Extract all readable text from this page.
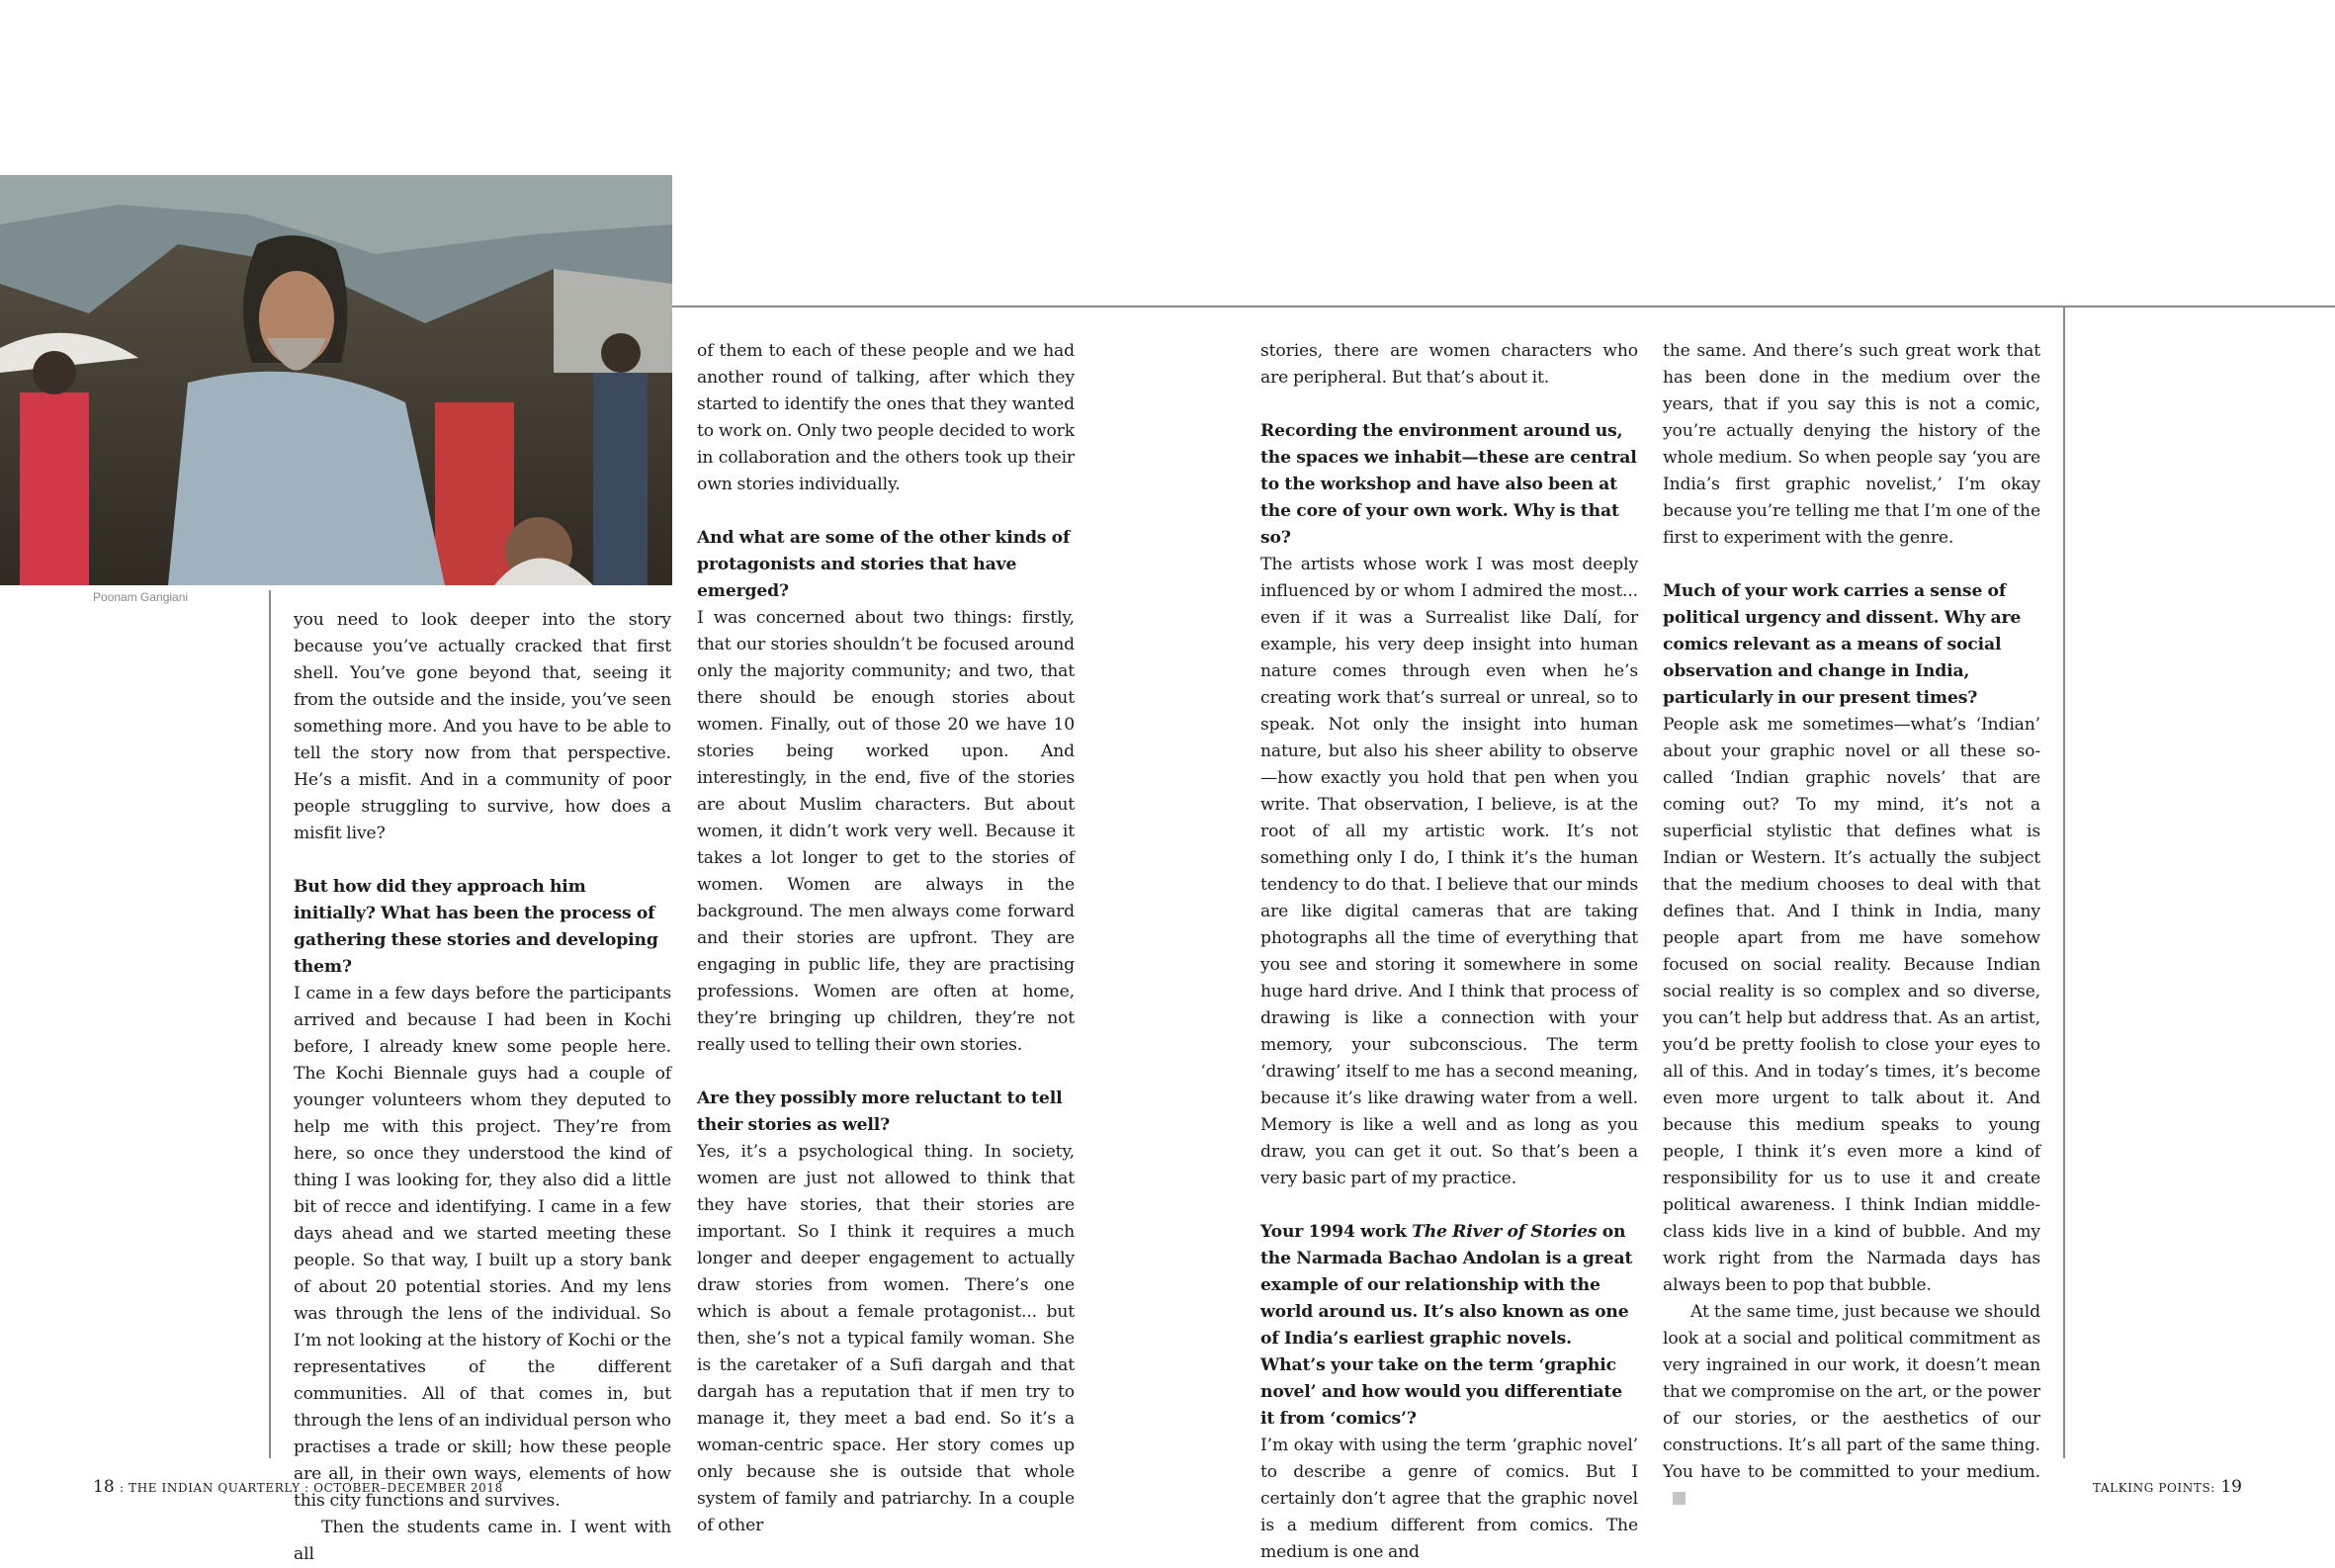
Poonam Gangiani

you need to look deeper into the story because you’ve actually cracked that first shell. You’ve gone beyond that, seeing it from the outside and the inside, you’ve seen something more. And you have to be able to tell the story now from that perspective. He’s a misfit. And in a community of poor people struggling to survive, how does a misfit live?

But how did they approach him initially? What has been the process of gathering these stories and developing them?

I came in a few days before the participants arrived and because I had been in Kochi before, I already knew some people here. The Kochi Biennale guys had a couple of younger volunteers whom they deputed to help me with this project. They’re from here, so once they understood the kind of thing I was looking for, they also did a little bit of recce and identifying. I came in a few days ahead and we started meeting these people. So that way, I built up a story bank of about 20 potential stories. And my lens was through the lens of the individual. So I’m not looking at the history of Kochi or the representatives of the different communities. All of that comes in, but through the lens of an individual person who practises a trade or skill; how these people are all, in their own ways, elements of how this city functions and survives.

Then the students came in. I went with all

of them to each of these people and we had another round of talking, after which they started to identify the ones that they wanted to work on. Only two people decided to work in collaboration and the others took up their own stories individually.

And what are some of the other kinds of protagonists and stories that have emerged?

I was concerned about two things: firstly, that our stories shouldn’t be focused around only the majority community; and two, that there should be enough stories about women. Finally, out of those 20 we have 10 stories being worked upon. And interestingly, in the end, five of the stories are about Muslim characters. But about women, it didn’t work very well. Because it takes a lot longer to get to the stories of women. Women are always in the background. The men always come forward and their stories are upfront. They are engaging in public life, they are practising professions. Women are often at home, they’re bringing up children, they’re not really used to telling their own stories.

Are they possibly more reluctant to tell their stories as well?

Yes, it’s a psychological thing. In society, women are just not allowed to think that they have stories, that their stories are important. So I think it requires a much longer and deeper engagement to actually draw stories from women. There’s one which is about a female protagonist... but then, she’s not a typical family woman. She is the caretaker of a Sufi dargah and that dargah has a reputation that if men try to manage it, they meet a bad end. So it’s a woman-centric space. Her story comes up only because she is outside that whole system of family and patriarchy. In a couple of other

stories, there are women characters who are peripheral. But that’s about it.

Recording the environment around us, the spaces we inhabit—these are central to the workshop and have also been at the core of your own work. Why is that so?

The artists whose work I was most deeply influenced by or whom I admired the most... even if it was a Surrealist like Dalí, for example, his very deep insight into human nature comes through even when he’s creating work that’s surreal or unreal, so to speak. Not only the insight into human nature, but also his sheer ability to observe—how exactly you hold that pen when you write. That observation, I believe, is at the root of all my artistic work. It’s not something only I do, I think it’s the human tendency to do that. I believe that our minds are like digital cameras that are taking photographs all the time of everything that you see and storing it somewhere in some huge hard drive. And I think that process of drawing is like a connection with your memory, your subconscious. The term ‘drawing’ itself to me has a second meaning, because it’s like drawing water from a well. Memory is like a well and as long as you draw, you can get it out. So that’s been a very basic part of my practice.

Your 1994 work The River of Stories on the Narmada Bachao Andolan is a great example of our relationship with the world around us. It’s also known as one of India’s earliest graphic novels. What’s your take on the term ‘graphic novel’ and how would you differentiate it from ‘comics’?

I’m okay with using the term ‘graphic novel’ to describe a genre of comics. But I certainly don’t agree that the graphic novel is a medium different from comics. The medium is one and

the same. And there’s such great work that has been done in the medium over the years, that if you say this is not a comic, you’re actually denying the history of the whole medium. So when people say ‘you are India’s first graphic novelist,’ I’m okay because you’re telling me that I’m one of the first to experiment with the genre.

Much of your work carries a sense of political urgency and dissent. Why are comics relevant as a means of social observation and change in India, particularly in our present times?

People ask me sometimes—what’s ‘Indian’ about your graphic novel or all these so-called ‘Indian graphic novels’ that are coming out? To my mind, it’s not a superficial stylistic that defines what is Indian or Western. It’s actually the subject that the medium chooses to deal with that defines that. And I think in India, many people apart from me have somehow focused on social reality. Because Indian social reality is so complex and so diverse, you can’t help but address that. As an artist, you’d be pretty foolish to close your eyes to all of this. And in today’s times, it’s become even more urgent to talk about it. And because this medium speaks to young people, I think it’s even more a kind of responsibility for us to use it and create political awareness. I think Indian middle-class kids live in a kind of bubble. And my work right from the Narmada days has always been to pop that bubble.

At the same time, just because we should look at a social and political commitment as very ingrained in our work, it doesn’t mean that we compromise on the art, or the power of our stories, or the aesthetics of our constructions. It’s all part of the same thing. You have to be committed to your medium.

18 : THE INDIAN QUARTERLY : OCTOBER–DECEMBER 2018	TALKING POINTS: 19
